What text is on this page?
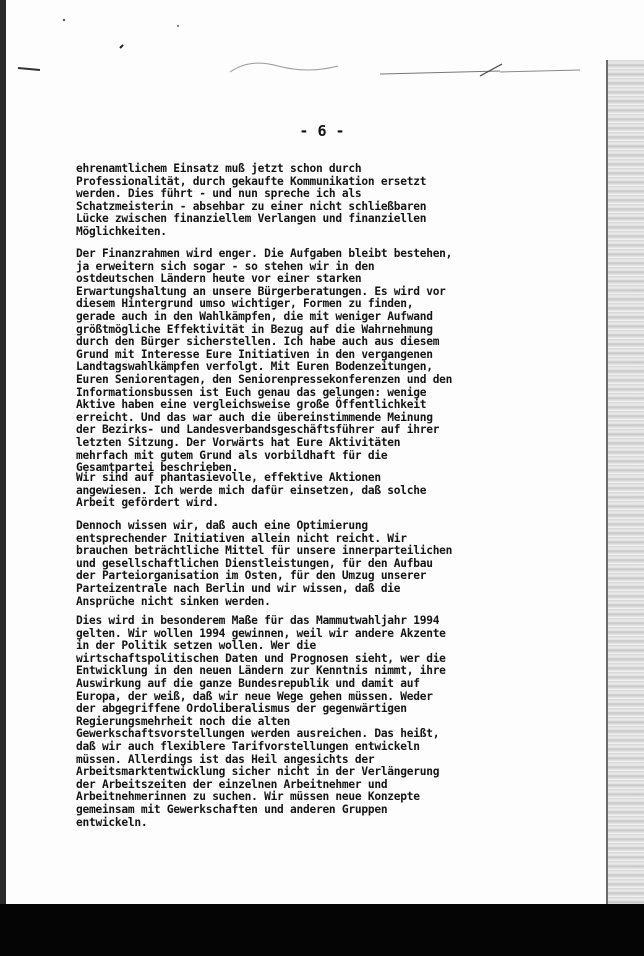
- 6 -
ehrenamtlichem Einsatz muß jetzt schon durch
Professionalität, durch gekaufte Kommunikation ersetzt
werden. Dies führt - und nun spreche ich als
Schatzmeisterin - absehbar zu einer nicht schließbaren
Lücke zwischen finanziellem Verlangen und finanziellen
Möglichkeiten.
Der Finanzrahmen wird enger. Die Aufgaben bleibt bestehen,
ja erweitern sich sogar - so stehen wir in den
ostdeutschen Ländern heute vor einer starken
Erwartungshaltung an unsere Bürgerberatungen. Es wird vor
diesem Hintergrund umso wichtiger, Formen zu finden,
gerade auch in den Wahlkämpfen, die mit weniger Aufwand
größtmögliche Effektivität in Bezug auf die Wahrnehmung
durch den Bürger sicherstellen. Ich habe auch aus diesem
Grund mit Interesse Eure Initiativen in den vergangenen
Landtagswahlkämpfen verfolgt. Mit Euren Bodenzeitungen,
Euren Seniorentagen, den Seniorenpressekonferenzen und den
Informationsbussen ist Euch genau das gelungen: wenige
Aktive haben eine vergleichsweise große Öffentlichkeit
erreicht. Und das war auch die übereinstimmende Meinung
der Bezirks- und Landesverbandsgeschäftsführer auf ihrer
letzten Sitzung. Der Vorwärts hat Eure Aktivitäten
mehrfach mit gutem Grund als vorbildhaft für die
Gesamtpartei beschrieben.
Wir sind auf phantasievolle, effektive Aktionen
angewiesen. Ich werde mich dafür einsetzen, daß solche
Arbeit gefördert wird.
Dennoch wissen wir, daß auch eine Optimierung
entsprechender Initiativen allein nicht reicht. Wir
brauchen beträchtliche Mittel für unsere innerparteilichen
und gesellschaftlichen Dienstleistungen, für den Aufbau
der Parteiorganisation im Osten, für den Umzug unserer
Parteizentrale nach Berlin und wir wissen, daß die
Ansprüche nicht sinken werden.
Dies wird in besonderem Maße für das Mammutwahljahr 1994
gelten. Wir wollen 1994 gewinnen, weil wir andere Akzente
in der Politik setzen wollen. Wer die
wirtschaftspolitischen Daten und Prognosen sieht, wer die
Entwicklung in den neuen Ländern zur Kenntnis nimmt, ihre
Auswirkung auf die ganze Bundesrepublik und damit auf
Europa, der weiß, daß wir neue Wege gehen müssen. Weder
der abgegriffene Ordoliberalismus der gegenwärtigen
Regierungsmehrheit noch die alten
Gewerkschaftsvorstellungen werden ausreichen. Das heißt,
daß wir auch flexiblere Tarifvorstellungen entwickeln
müssen. Allerdings ist das Heil angesichts der
Arbeitsmarktentwicklung sicher nicht in der Verlängerung
der Arbeitszeiten der einzelnen Arbeitnehmer und
Arbeitnehmerinnen zu suchen. Wir müssen neue Konzepte
gemeinsam mit Gewerkschaften und anderen Gruppen
entwickeln.
